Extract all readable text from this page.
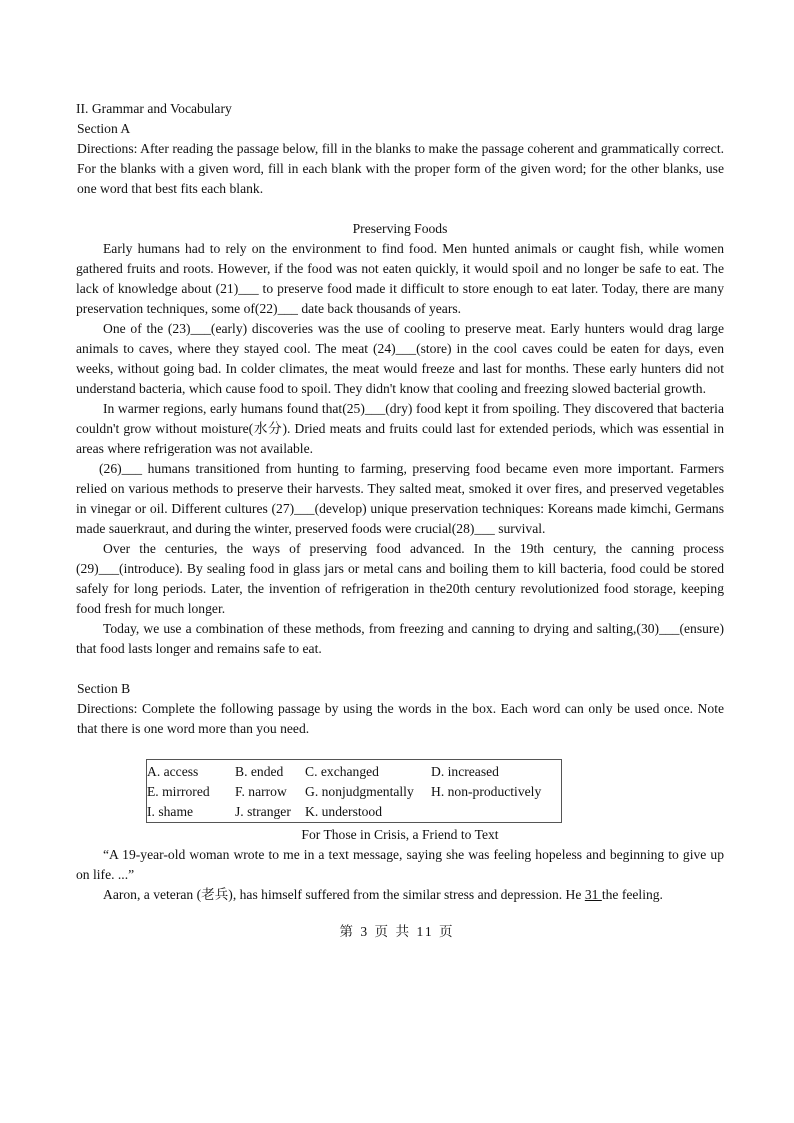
II. Grammar and Vocabulary

Section A

Directions: After reading the passage below, fill in the blanks to make the passage coherent and grammatically correct. For the blanks with a given word, fill in each blank with the proper form of the given word; for the other blanks, use one word that best fits each blank.

Preserving Foods

Early humans had to rely on the environment to find food. Men hunted animals or caught fish, while women gathered fruits and roots. However, if the food was not eaten quickly, it would spoil and no longer be safe to eat. The lack of knowledge about (21)___ to preserve food made it difficult to store enough to eat later. Today, there are many preservation techniques, some of(22)___ date back thousands of years.

One of the (23)___(early) discoveries was the use of cooling to preserve meat. Early hunters would drag large animals to caves, where they stayed cool. The meat (24)___(store) in the cool caves could be eaten for days, even weeks, without going bad. In colder climates, the meat would freeze and last for months. These early hunters did not understand bacteria, which cause food to spoil. They didn't know that cooling and freezing slowed bacterial growth.

In warmer regions, early humans found that(25)___(dry) food kept it from spoiling. They discovered that bacteria couldn't grow without moisture(水分). Dried meats and fruits could last for extended periods, which was essential in areas where refrigeration was not available.

(26)___ humans transitioned from hunting to farming, preserving food became even more important. Farmers relied on various methods to preserve their harvests. They salted meat, smoked it over fires, and preserved vegetables in vinegar or oil. Different cultures (27)___(develop) unique preservation techniques: Koreans made kimchi, Germans made sauerkraut, and during the winter, preserved foods were crucial(28)___ survival.

Over the centuries, the ways of preserving food advanced. In the 19th century, the canning process (29)___(introduce). By sealing food in glass jars or metal cans and boiling them to kill bacteria, food could be stored safely for long periods. Later, the invention of refrigeration in the20th century revolutionized food storage, keeping food fresh for much longer.

Today, we use a combination of these methods, from freezing and canning to drying and salting,(30)___(ensure) that food lasts longer and remains safe to eat.

Section B

Directions: Complete the following passage by using the words in the box. Each word can only be used once. Note that there is one word more than you need.

A. access	B. ended	C. exchanged	D. increased
E. mirrored	F. narrow	G. nonjudgmentally	H. non-productively
I. shame	J. stranger	K. understood

For Those in Crisis, a Friend to Text

“A 19-year-old woman wrote to me in a text message, saying she was feeling hopeless and beginning to give up on life. ...”

Aaron, a veteran (老兵), has himself suffered from the similar stress and depression. He 31 the feeling.

第 3 页 共 11 页
